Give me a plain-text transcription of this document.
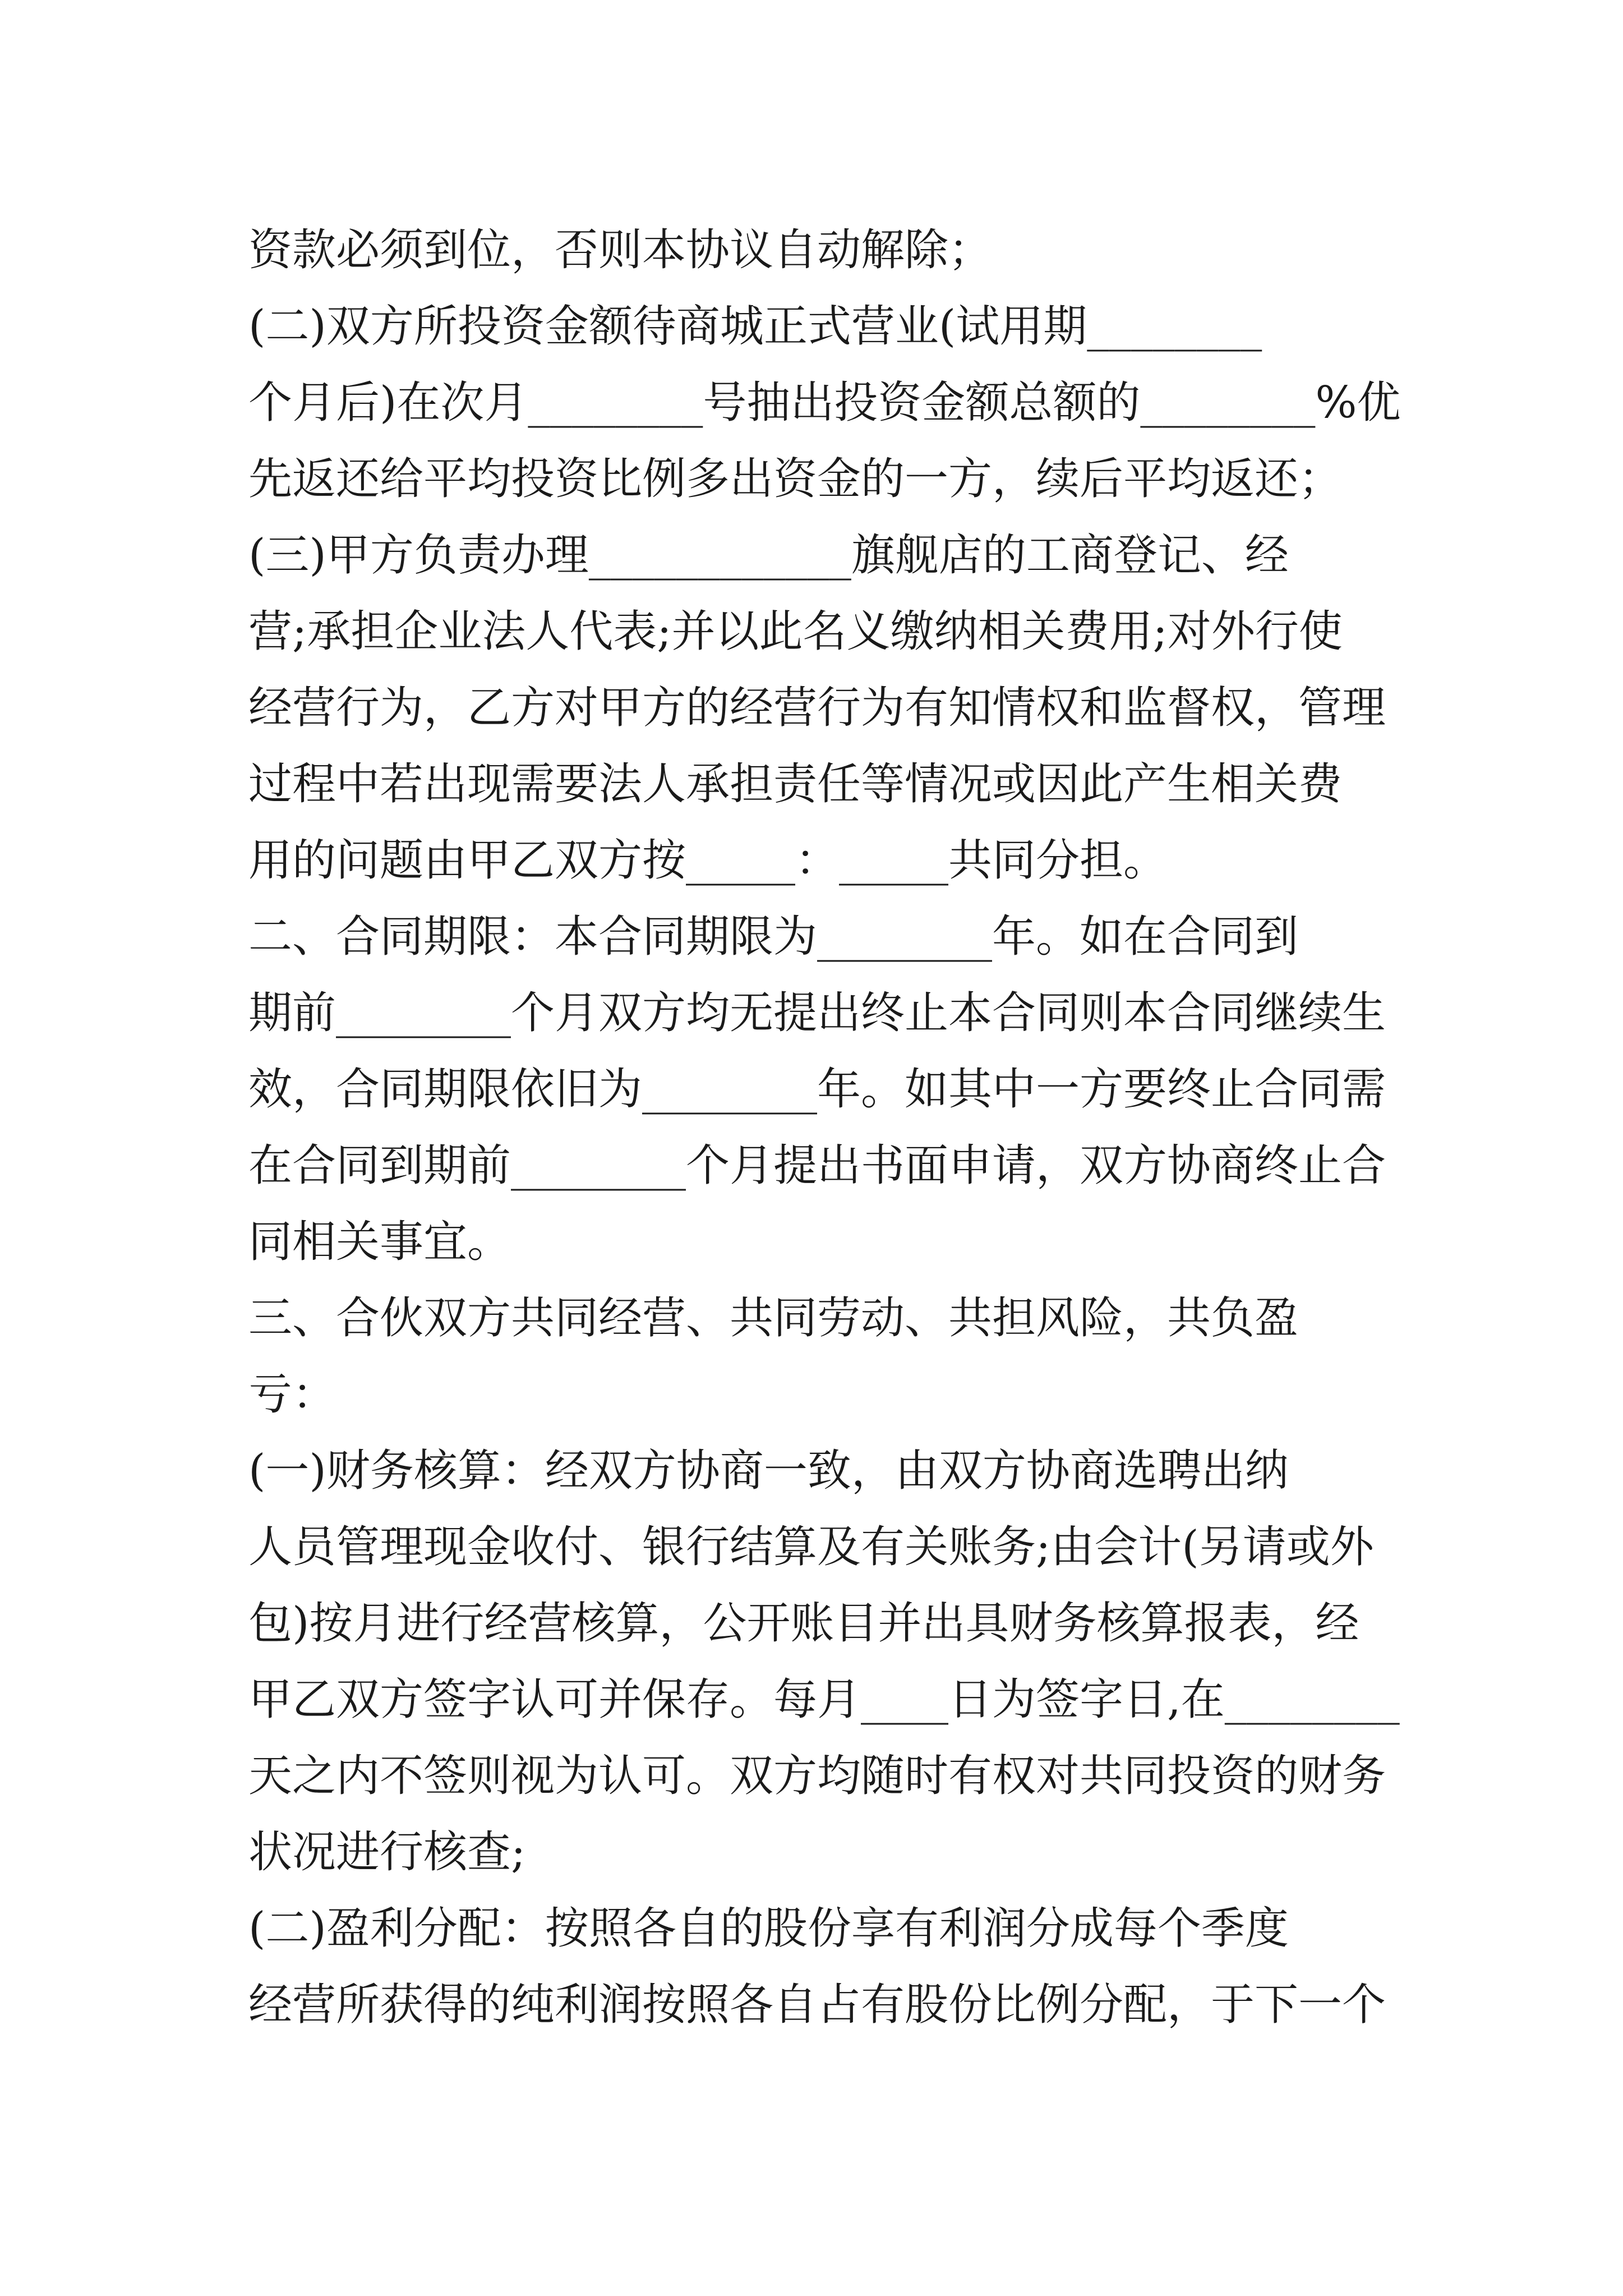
资款必须到位，否则本协议自动解除；
(二)双方所投资金额待商城正式营业(试用期________
个月后)在次月________号抽出投资金额总额的________%优
先返还给平均投资比例多出资金的一方，续后平均返还；
(三)甲方负责办理____________旗舰店的工商登记、经
营;承担企业法人代表;并以此名义缴纳相关费用;对外行使
经营行为，乙方对甲方的经营行为有知情权和监督权，管理
过程中若出现需要法人承担责任等情况或因此产生相关费
用的问题由甲乙双方按_____：_____共同分担。
二、合同期限：本合同期限为________年。如在合同到
期前________个月双方均无提出终止本合同则本合同继续生
效，合同期限依旧为________年。如其中一方要终止合同需
在合同到期前________个月提出书面申请，双方协商终止合
同相关事宜。
三、合伙双方共同经营、共同劳动、共担风险，共负盈
亏：
(一)财务核算：经双方协商一致，由双方协商选聘出纳
人员管理现金收付、银行结算及有关账务;由会计(另请或外
包)按月进行经营核算，公开账目并出具财务核算报表，经
甲乙双方签字认可并保存。每月____日为签字日,在________
天之内不签则视为认可。双方均随时有权对共同投资的财务
状况进行核查;
(二)盈利分配：按照各自的股份享有利润分成每个季度
经营所获得的纯利润按照各自占有股份比例分配，于下一个
